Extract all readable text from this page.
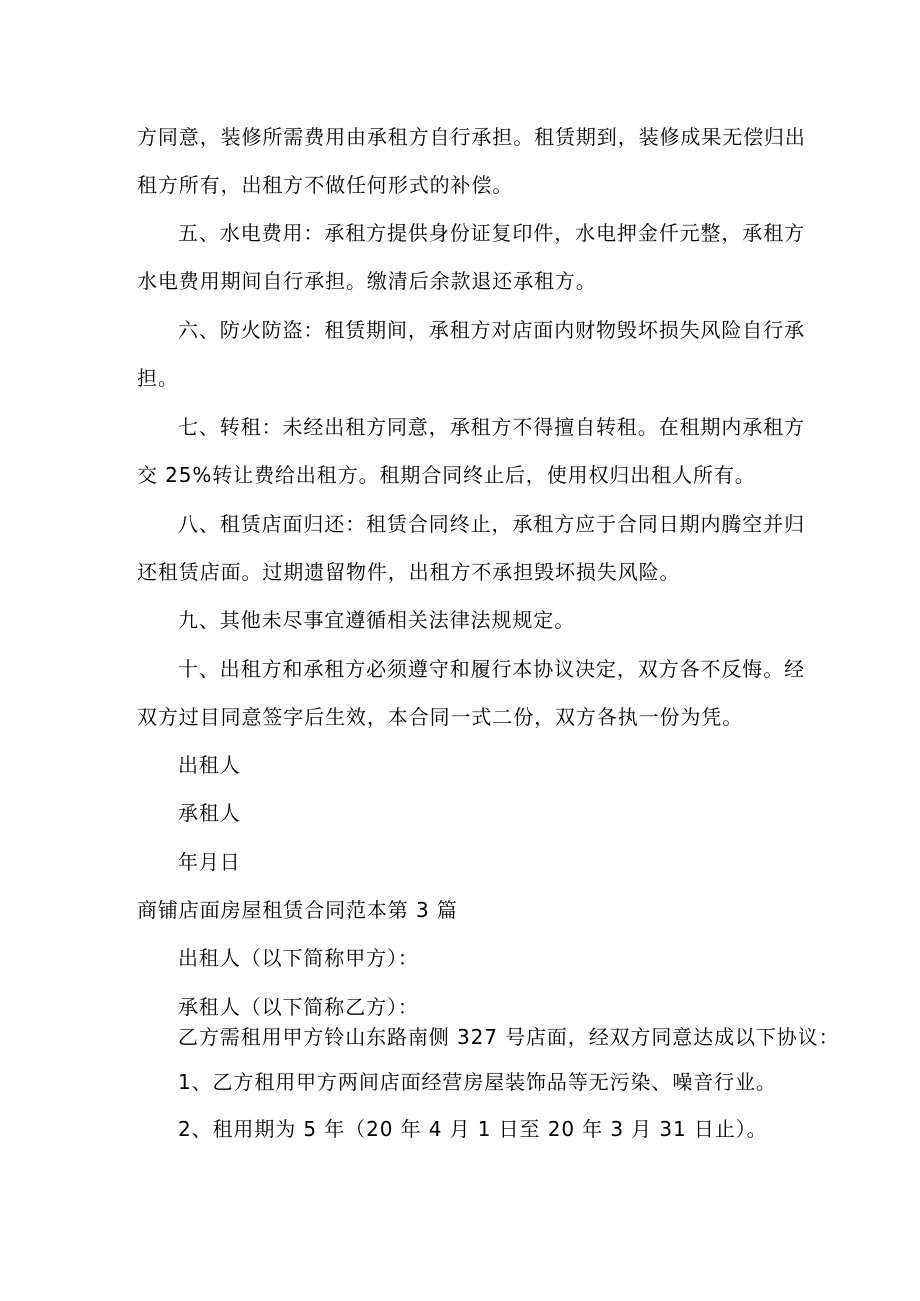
方同意，装修所需费用由承租方自行承担。租赁期到，装修成果无偿归出
租方所有，出租方不做任何形式的补偿。
五、水电费用：承租方提供身份证复印件，水电押金仟元整，承租方
水电费用期间自行承担。缴清后余款退还承租方。
六、防火防盗：租赁期间，承租方对店面内财物毁坏损失风险自行承
担。
七、转租：未经出租方同意，承租方不得擅自转租。在租期内承租方
交 25%转让费给出租方。租期合同终止后，使用权归出租人所有。
八、租赁店面归还：租赁合同终止，承租方应于合同日期内腾空并归
还租赁店面。过期遗留物件，出租方不承担毁坏损失风险。
九、其他未尽事宜遵循相关法律法规规定。
十、出租方和承租方必须遵守和履行本协议决定，双方各不反悔。经
双方过目同意签字后生效，本合同一式二份，双方各执一份为凭。
出租人
承租人
年月日
商铺店面房屋租赁合同范本第 3 篇
出租人（以下简称甲方）：
承租人（以下简称乙方）：
乙方需租用甲方铃山东路南侧 327 号店面，经双方同意达成以下协议：
1、乙方租用甲方两间店面经营房屋装饰品等无污染、噪音行业。
2、租用期为 5 年（20 年 4 月 1 日至 20 年 3 月 31 日止）。
